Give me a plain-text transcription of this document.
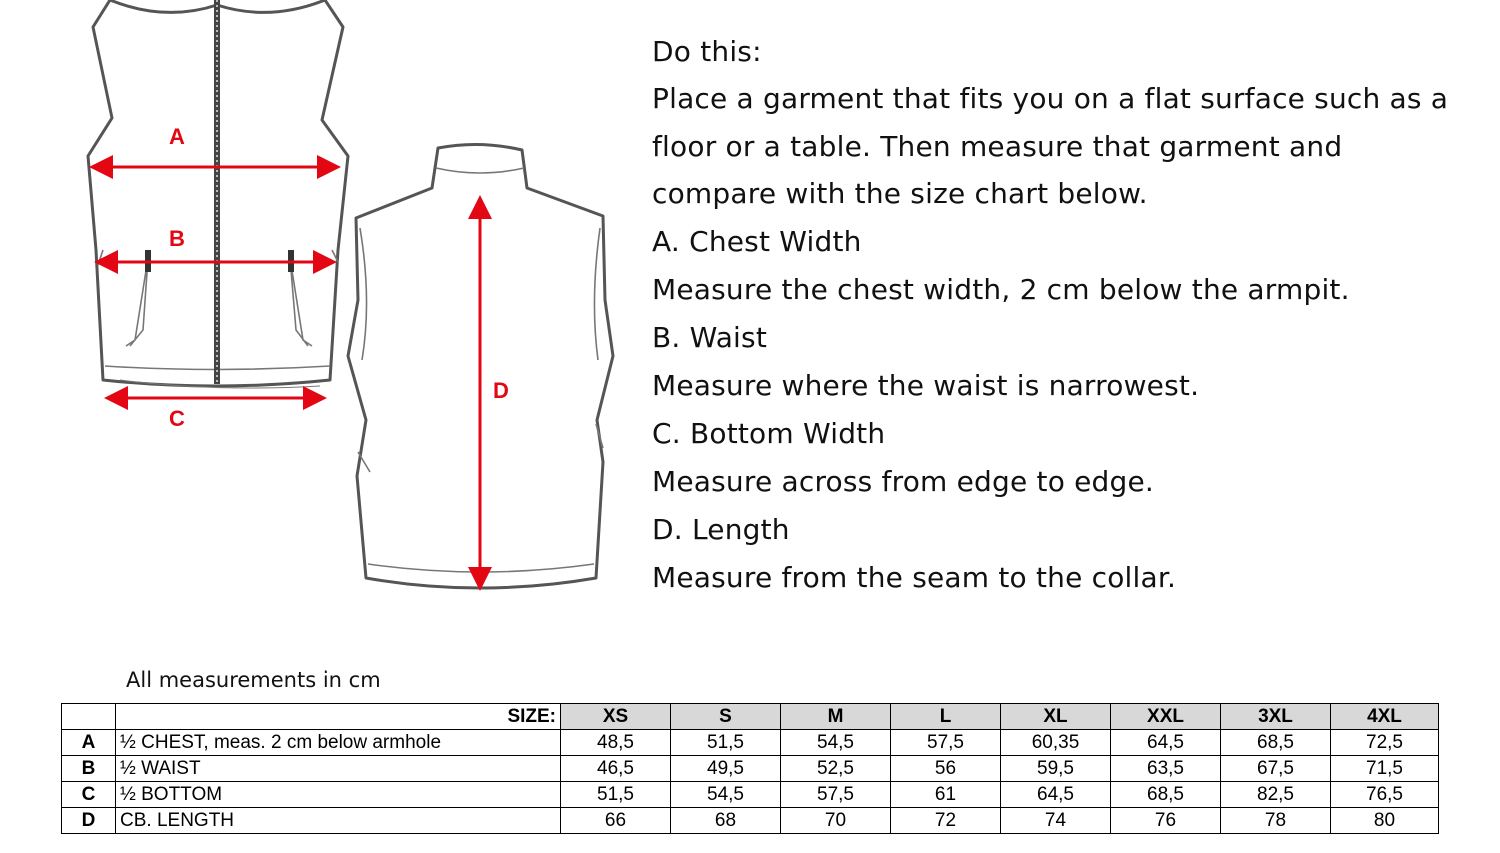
A
B
C
D

Do this:

Place a garment that fits you on a flat surface such as a floor or a table. Then measure that garment and compare with the size chart below.

A. Chest Width

Measure the chest width, 2 cm below the armpit.

B. Waist

Measure where the waist is narrowest.

C. Bottom Width

Measure across from edge to edge.

D. Length

Measure from the seam to the collar.

All measurements in cm
	SIZE:	XS	S	M	L	XL	XXL	3XL	4XL
A	½ CHEST, meas. 2 cm below armhole	48,5	51,5	54,5	57,5	60,35	64,5	68,5	72,5
B	½ WAIST	46,5	49,5	52,5	56	59,5	63,5	67,5	71,5
C	½ BOTTOM	51,5	54,5	57,5	61	64,5	68,5	82,5	76,5
D	CB. LENGTH	66	68	70	72	74	76	78	80
